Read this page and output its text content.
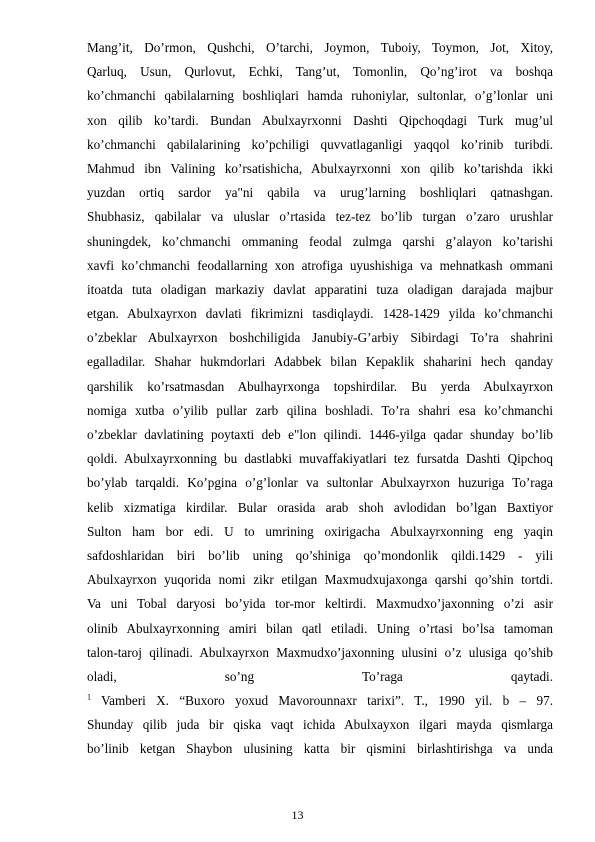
Mang’it, Do’rmon, Qushchi, O’tarchi, Joymon, Tuboiy, Toymon, Jot, Xitoy,
Qarluq, Usun, Qurlovut, Echki, Tang’ut, Tomonlin, Qo’ng’irot va boshqa
ko’chmanchi qabilalarning boshliqlari hamda ruhoniylar, sultonlar, o’g’lonlar uni
xon qilib ko’tardi. Bundan Abulxayrxonni Dashti Qipchoqdagi Turk mug’ul
ko’chmanchi qabilalarining ko’pchiligi quvvatlaganligi yaqqol ko’rinib turibdi.
Mahmud ibn Valining ko’rsatishicha, Abulxayrxonni xon qilib ko’tarishda ikki
yuzdan ortiq sardor ya"ni qabila va urug’larning boshliqlari qatnashgan.
Shubhasiz, qabilalar va uluslar o’rtasida tez-tez bo’lib turgan o’zaro urushlar
shuningdek, ko’chmanchi ommaning feodal zulmga qarshi g’alayon ko’tarishi
xavfi ko’chmanchi feodallarning xon atrofiga uyushishiga va mehnatkash ommani
itoatda tuta oladigan markaziy davlat apparatini tuza oladigan darajada majbur
etgan. Abulxayrxon davlati fikrimizni tasdiqlaydi. 1428-1429 yilda ko’chmanchi
o’zbeklar Abulxayrxon boshchiligida Janubiy-G’arbiy Sibirdagi To’ra shahrini
egalladilar. Shahar hukmdorlari Adabbek bilan Kepaklik shaharini hech qanday
qarshilik ko’rsatmasdan Abulhayrxonga topshirdilar. Bu yerda Abulxayrxon
nomiga xutba o’yilib pullar zarb qilina boshladi. To’ra shahri esa ko’chmanchi
o’zbeklar davlatining poytaxti deb e"lon qilindi. 1446-yilga qadar shunday bo’lib
qoldi. Abulxayrxonning bu dastlabki muvaffakiyatlari tez fursatda Dashti Qipchoq
bo’ylab tarqaldi. Ko’pgina o’g’lonlar va sultonlar Abulxayrxon huzuriga To’raga
kelib xizmatiga kirdilar. Bular orasida arab shoh avlodidan bo’lgan Baxtiyor
Sulton ham bor edi. U to umrining oxirigacha Abulxayrxonning eng yaqin
safdoshlaridan biri bo’lib uning qo’shiniga qo’mondonlik qildi.1429 - yili
Abulxayrxon yuqorida nomi zikr etilgan Maxmudxujaxonga qarshi qo’shin tortdi.
Va uni Tobal daryosi bo’yida tor-mor keltirdi. Maxmudxo’jaxonning o’zi asir
olinib Abulxayrxonning amiri bilan qatl etiladi. Uning o’rtasi bo’lsa tamoman
talon-taroj qilinadi. Abulxayrxon Maxmudxo’jaxonning ulusini o’z ulusiga qo’shib
oladi, so’ng To’raga qaytadi.
$^1$ Vamberi X. “Buxoro yoxud Mavorounnaxr tarixi”. T., 1990 yil. b – 97.
Shunday qilib juda bir qiska vaqt ichida Abulxayxon ilgari mayda qismlarga
bo’linib ketgan Shaybon ulusining katta bir qismini birlashtirishga va unda
13
